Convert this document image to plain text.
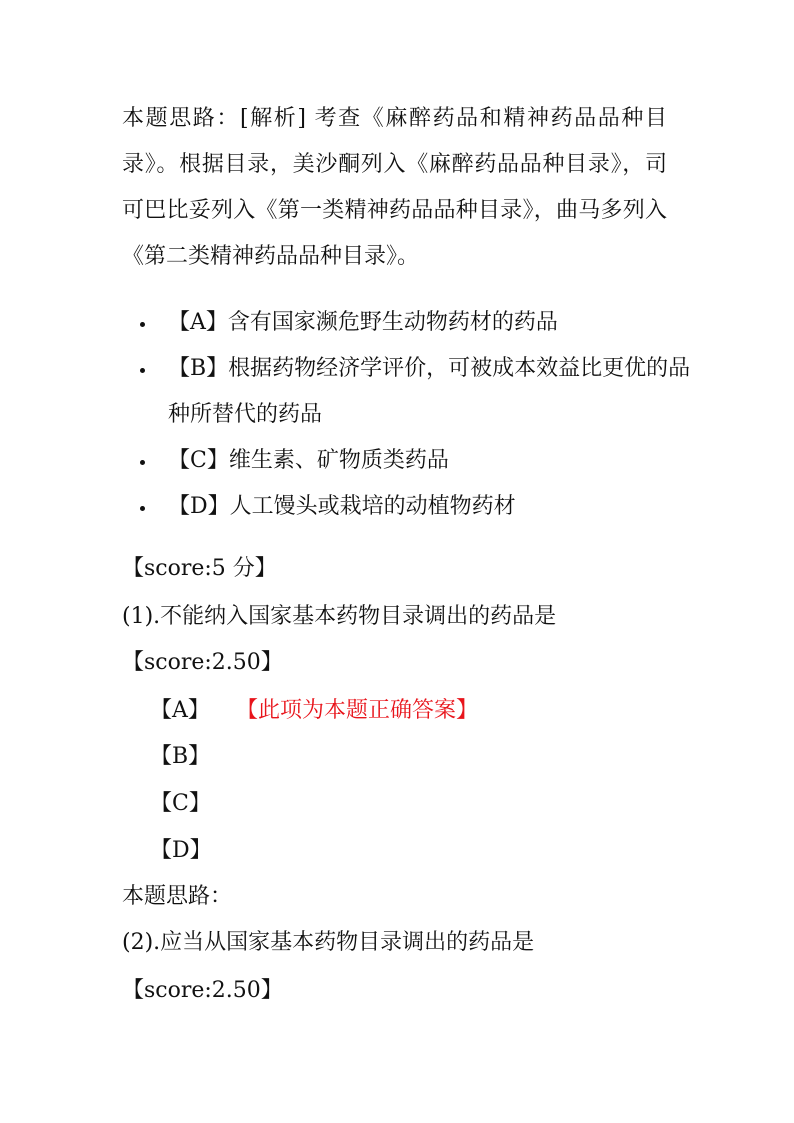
本题思路：[解析] 考查《麻醉药品和精神药品品种目录》。根据目录，美沙酮列入《麻醉药品品种目录》，司可巴比妥列入《第一类精神药品品种目录》，曲马多列入《第二类精神药品品种目录》。
【A】含有国家濒危野生动物药材的药品
【B】根据药物经济学评价，可被成本效益比更优的品种所替代的药品
【C】维生素、矿物质类药品
【D】人工馒头或栽培的动植物药材
【score:5 分】
(1).不能纳入国家基本药物目录调出的药品是
【score:2.50】
【A】 【此项为本题正确答案】
【B】
【C】
【D】
本题思路：
(2).应当从国家基本药物目录调出的药品是
【score:2.50】
